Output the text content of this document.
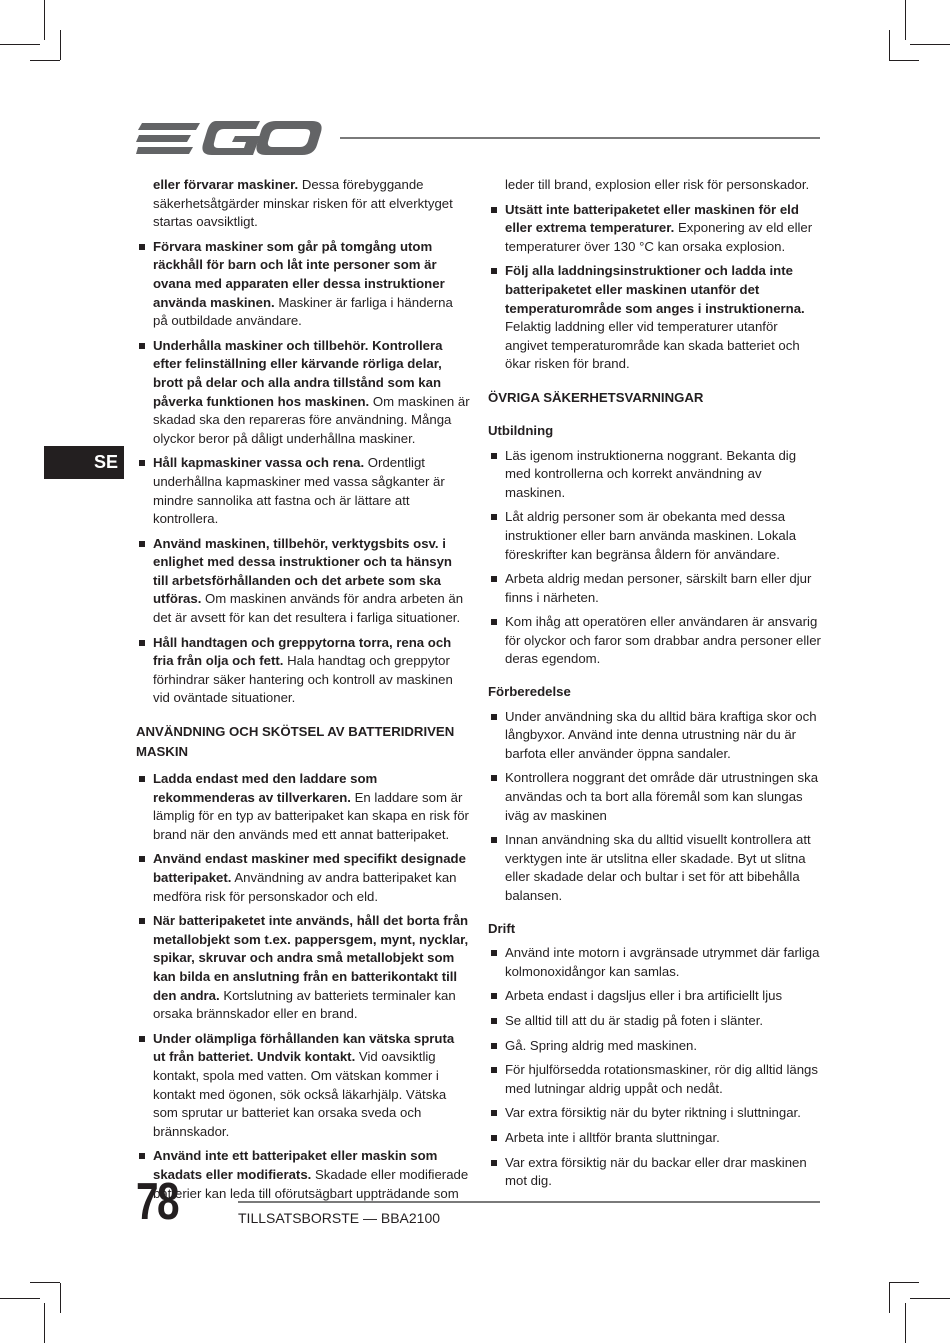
SE

eller förvarar maskiner. Dessa förebyggande säkerhetsåtgärder minskar risken för att elverktyget startas oavsiktligt.

Förvara maskiner som går på tomgång utom räckhåll för barn och låt inte personer som är ovana med apparaten eller dessa instruktioner använda maskinen. Maskiner är farliga i händerna på outbildade användare.
Underhålla maskiner och tillbehör. Kontrollera efter felinställning eller kärvande rörliga delar, brott på delar och alla andra tillstånd som kan påverka funktionen hos maskinen. Om maskinen är skadad ska den repareras före användning. Många olyckor beror på dåligt underhållna maskiner.
Håll kapmaskiner vassa och rena. Ordentligt underhållna kapmaskiner med vassa sågkanter är mindre sannolika att fastna och är lättare att kontrollera.
Använd maskinen, tillbehör, verktygsbits osv. i enlighet med dessa instruktioner och ta hänsyn till arbetsförhållanden och det arbete som ska utföras. Om maskinen används för andra arbeten än det är avsett för kan det resultera i farliga situationer.
Håll handtagen och greppytorna torra, rena och fria från olja och fett. Hala handtag och greppytor förhindrar säker hantering och kontroll av maskinen vid oväntade situationer.
ANVÄNDNING OCH SKÖTSEL AV BATTERIDRIVEN MASKIN
Ladda endast med den laddare som rekommenderas av tillverkaren. En laddare som är lämplig för en typ av batteripaket kan skapa en risk för brand när den används med ett annat batteripaket.
Använd endast maskiner med specifikt designade batteripaket. Användning av andra batteripaket kan medföra risk för personskador och eld.
När batteripaketet inte används, håll det borta från metallobjekt som t.ex. pappersgem, mynt, nycklar, spikar, skruvar och andra små metallobjekt som kan bilda en anslutning från en batterikontakt till den andra. Kortslutning av batteriets terminaler kan orsaka brännskador eller en brand.
Under olämpliga förhållanden kan vätska spruta ut från batteriet. Undvik kontakt. Vid oavsiktlig kontakt, spola med vatten. Om vätskan kommer i kontakt med ögonen, sök också läkarhjälp. Vätska som sprutar ur batteriet kan orsaka sveda och brännskador.
Använd inte ett batteripaket eller maskin som skadats eller modifierats. Skadade eller modifierade batterier kan leda till oförutsägbart uppträdande som

leder till brand, explosion eller risk för personskador.

Utsätt inte batteripaketet eller maskinen för eld eller extrema temperaturer. Exponering av eld eller temperaturer över 130 °C kan orsaka explosion.
Följ alla laddningsinstruktioner och ladda inte batteripaketet eller maskinen utanför det temperaturområde som anges i instruktionerna. Felaktig laddning eller vid temperaturer utanför angivet temperaturområde kan skada batteriet och ökar risken för brand.
ÖVRIGA SÄKERHETSVARNINGAR
Utbildning
Läs igenom instruktionerna noggrant. Bekanta dig med kontrollerna och korrekt användning av maskinen.
Låt aldrig personer som är obekanta med dessa instruktioner eller barn använda maskinen. Lokala föreskrifter kan begränsa åldern för användare.
Arbeta aldrig medan personer, särskilt barn eller djur finns i närheten.
Kom ihåg att operatören eller användaren är ansvarig för olyckor och faror som drabbar andra personer eller deras egendom.
Förberedelse
Under användning ska du alltid bära kraftiga skor och långbyxor. Använd inte denna utrustning när du är barfota eller använder öppna sandaler.
Kontrollera noggrant det område där utrustningen ska användas och ta bort alla föremål som kan slungas iväg av maskinen
Innan användning ska du alltid visuellt kontrollera att verktygen inte är utslitna eller skadade. Byt ut slitna eller skadade delar och bultar i set för att bibehålla balansen.
Drift
Använd inte motorn i avgränsade utrymmet där farliga kolmonoxidångor kan samlas.
Arbeta endast i dagsljus eller i bra artificiellt ljus
Se alltid till att du är stadig på foten i slänter.
Gå. Spring aldrig med maskinen.
För hjulförsedda rotationsmaskiner, rör dig alltid längs med lutningar aldrig uppåt och nedåt.
Var extra försiktig när du byter riktning i sluttningar.
Arbeta inte i alltför branta sluttningar.
Var extra försiktig när du backar eller drar maskinen mot dig.
78	TILLSATSBORSTE — BBA2100
